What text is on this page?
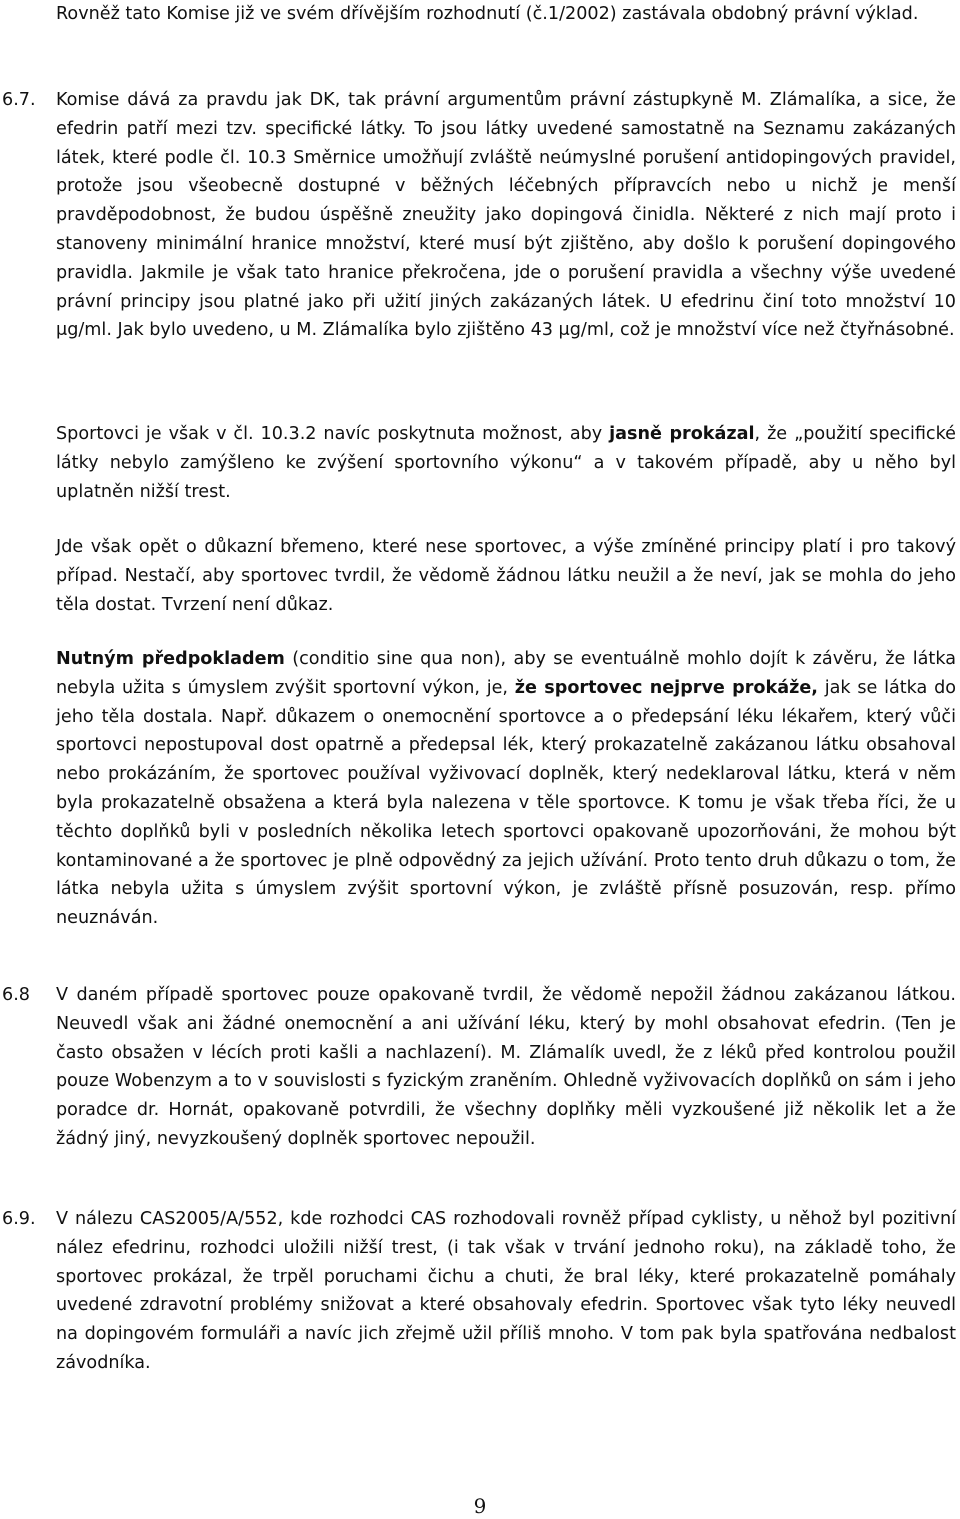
Rovněž tato Komise již ve svém dřívějším rozhodnutí (č.1/2002) zastávala obdobný právní výklad.

6.7. Komise dává za pravdu jak DK, tak právní argumentům právní zástupkyně M. Zlámalíka, a sice, že efedrin patří mezi tzv. specifické látky. To jsou látky uvedené samostatně na Seznamu zakázaných látek, které podle čl. 10.3 Směrnice umožňují zvláště neúmyslné porušení antidopingových pravidel, protože jsou všeobecně dostupné v běžných léčebných přípravcích nebo u nichž je menší pravděpodobnost, že budou úspěšně zneužity jako dopingová činidla. Některé z nich mají proto i stanoveny minimální hranice množství, které musí být zjištěno, aby došlo k porušení dopingového pravidla. Jakmile je však tato hranice překročena, jde o porušení pravidla a všechny výše uvedené právní principy jsou platné jako při užití jiných zakázaných látek. U efedrinu činí toto množství 10 μg/ml. Jak bylo uvedeno, u M. Zlámalíka bylo zjištěno 43 μg/ml, což je množství více než čtyřnásobné.

Sportovci je však v čl. 10.3.2 navíc poskytnuta možnost, aby jasně prokázal, že „použití specifické látky nebylo zamýšleno ke zvýšení sportovního výkonu“ a v takovém případě, aby u něho byl uplatněn nižší trest.

Jde však opět o důkazní břemeno, které nese sportovec, a výše zmíněné principy platí i pro takový případ. Nestačí, aby sportovec tvrdil, že vědomě žádnou látku neužil a že neví, jak se mohla do jeho těla dostat. Tvrzení není důkaz.

Nutným předpokladem (conditio sine qua non), aby se eventuálně mohlo dojít k závěru, že látka nebyla užita s úmyslem zvýšit sportovní výkon, je, že sportovec nejprve prokáže, jak se látka do jeho těla dostala. Např. důkazem o onemocnění sportovce a o předepsání léku lékařem, který vůči sportovci nepostupoval dost opatrně a předepsal lék, který prokazatelně zakázanou látku obsahoval nebo prokázáním, že sportovec používal vyživovací doplněk, který nedeklaroval látku, která v něm byla prokazatelně obsažena a která byla nalezena v těle sportovce. K tomu je však třeba říci, že u těchto doplňků byli v posledních několika letech sportovci opakovaně upozorňováni, že mohou být kontaminované a že sportovec je plně odpovědný za jejich užívání. Proto tento druh důkazu o tom, že látka nebyla užita s úmyslem zvýšit sportovní výkon, je zvláště přísně posuzován, resp. přímo neuznáván.

6.8 V daném případě sportovec pouze opakovaně tvrdil, že vědomě nepožil žádnou zakázanou látkou. Neuvedl však ani žádné onemocnění a ani užívání léku, který by mohl obsahovat efedrin. (Ten je často obsažen v lécích proti kašli a nachlazení). M. Zlámalík uvedl, že z léků před kontrolou použil pouze Wobenzym a to v souvislosti s fyzickým zraněním. Ohledně vyživovacích doplňků on sám i jeho poradce dr. Hornát, opakovaně potvrdili, že všechny doplňky měli vyzkoušené již několik let a že žádný jiný, nevyzkoušený doplněk sportovec nepoužil.

6.9. V nálezu CAS2005/A/552, kde rozhodci CAS rozhodovali rovněž případ cyklisty, u něhož byl pozitivní nález efedrinu, rozhodci uložili nižší trest, (i tak však v trvání jednoho roku), na základě toho, že sportovec prokázal, že trpěl poruchami čichu a chuti, že bral léky, které prokazatelně pomáhaly uvedené zdravotní problémy snižovat a které obsahovaly efedrin. Sportovec však tyto léky neuvedl na dopingovém formuláři a navíc jich zřejmě užil příliš mnoho. V tom pak byla spatřována nedbalost závodníka.

9
